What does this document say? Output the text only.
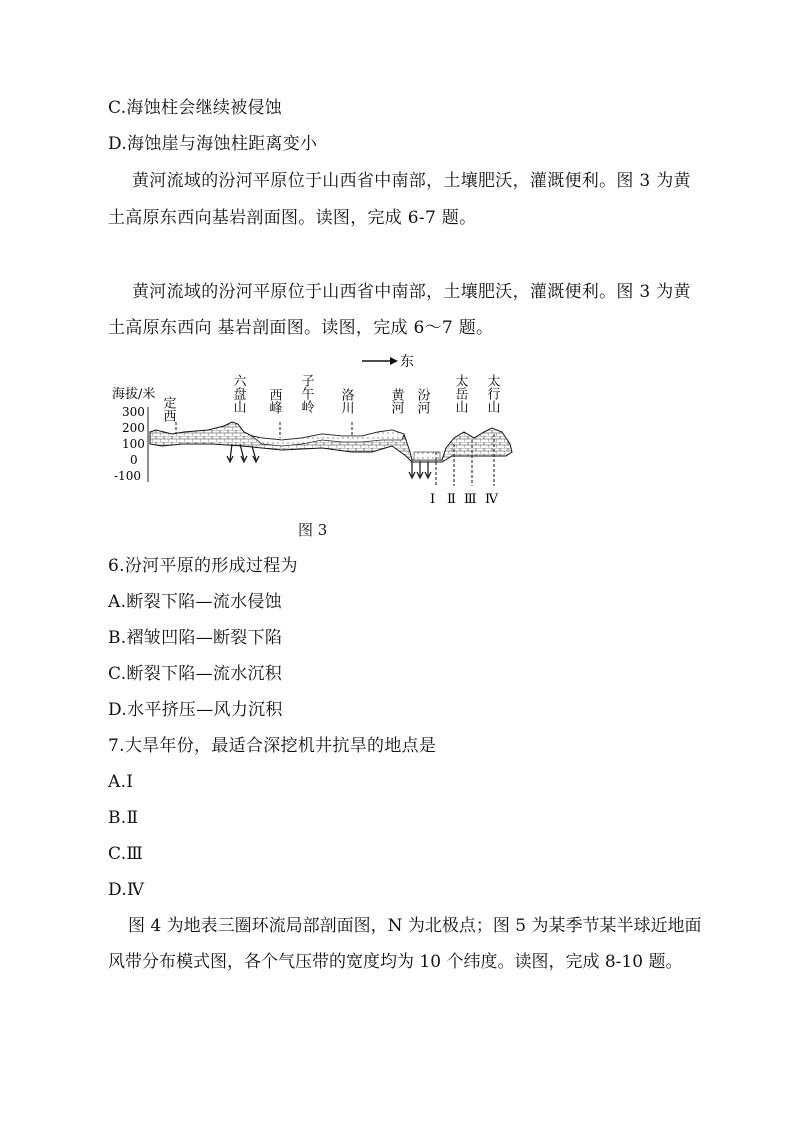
C.海蚀柱会继续被侵蚀
D.海蚀崖与海蚀柱距离变小
黄河流域的汾河平原位于山西省中南部，土壤肥沃，灌溉便利。图 3 为黄
土高原东西向基岩剖面图。读图，完成 6-7 题。
黄河流域的汾河平原位于山西省中南部，土壤肥沃，灌溉便利。图 3 为黄
土高原东西向 基岩剖面图。读图，完成 6～7 题。
海拔/米
300
200
100
0
-100
东
定西	六盘山 西峰 子午岭 洛川	黄河 汾河 太岳山 太行山
Ⅰ Ⅱ Ⅲ Ⅳ
图 3
6.汾河平原的形成过程为
A.断裂下陷—流水侵蚀
B.褶皱凹陷—断裂下陷
C.断裂下陷—流水沉积
D.水平挤压—风力沉积
7.大旱年份，最适合深挖机井抗旱的地点是
A.Ⅰ
B.Ⅱ
C.Ⅲ
D.Ⅳ
图 4 为地表三圈环流局部剖面图，N 为北极点；图 5 为某季节某半球近地面
风带分布模式图，各个气压带的宽度均为 10 个纬度。读图，完成 8-10 题。
